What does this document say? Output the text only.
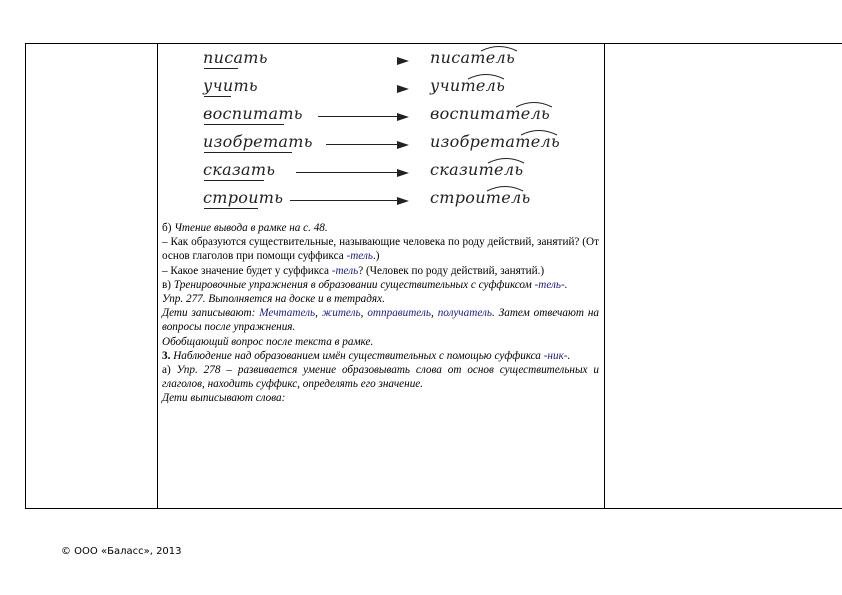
писать	писатель
учить	учитель
воспитать	воспитатель
изобретать	изобретатель
сказать	сказитель
строить	строитель

б) Чтение вывода в рамке на с. 48.

– Как образуются существительные, называющие человека по роду действий, занятий? (От основ глаголов при помощи суффикса -тель.)

– Какое значение будет у суффикса -тель? (Человек по роду действий, занятий.)

в) Тренировочные упражнения в образовании существительных с суффиксом -тель-.

Упр. 277. Выполняется на доске и в тетрадях.

Дети записывают: Мечтатель, житель, отправитель, получатель. Затем отвечают на вопросы после упражнения.

Обобщающий вопрос после текста в рамке.

3. Наблюдение над образованием имён существительных с помощью суффикса -ник-.

а) Упр. 278 – развивается умение образовывать слова от основ существительных и глаголов, находить суффикс, определять его значение.

Дети выписывают слова:

© ООО «Баласс», 2013
